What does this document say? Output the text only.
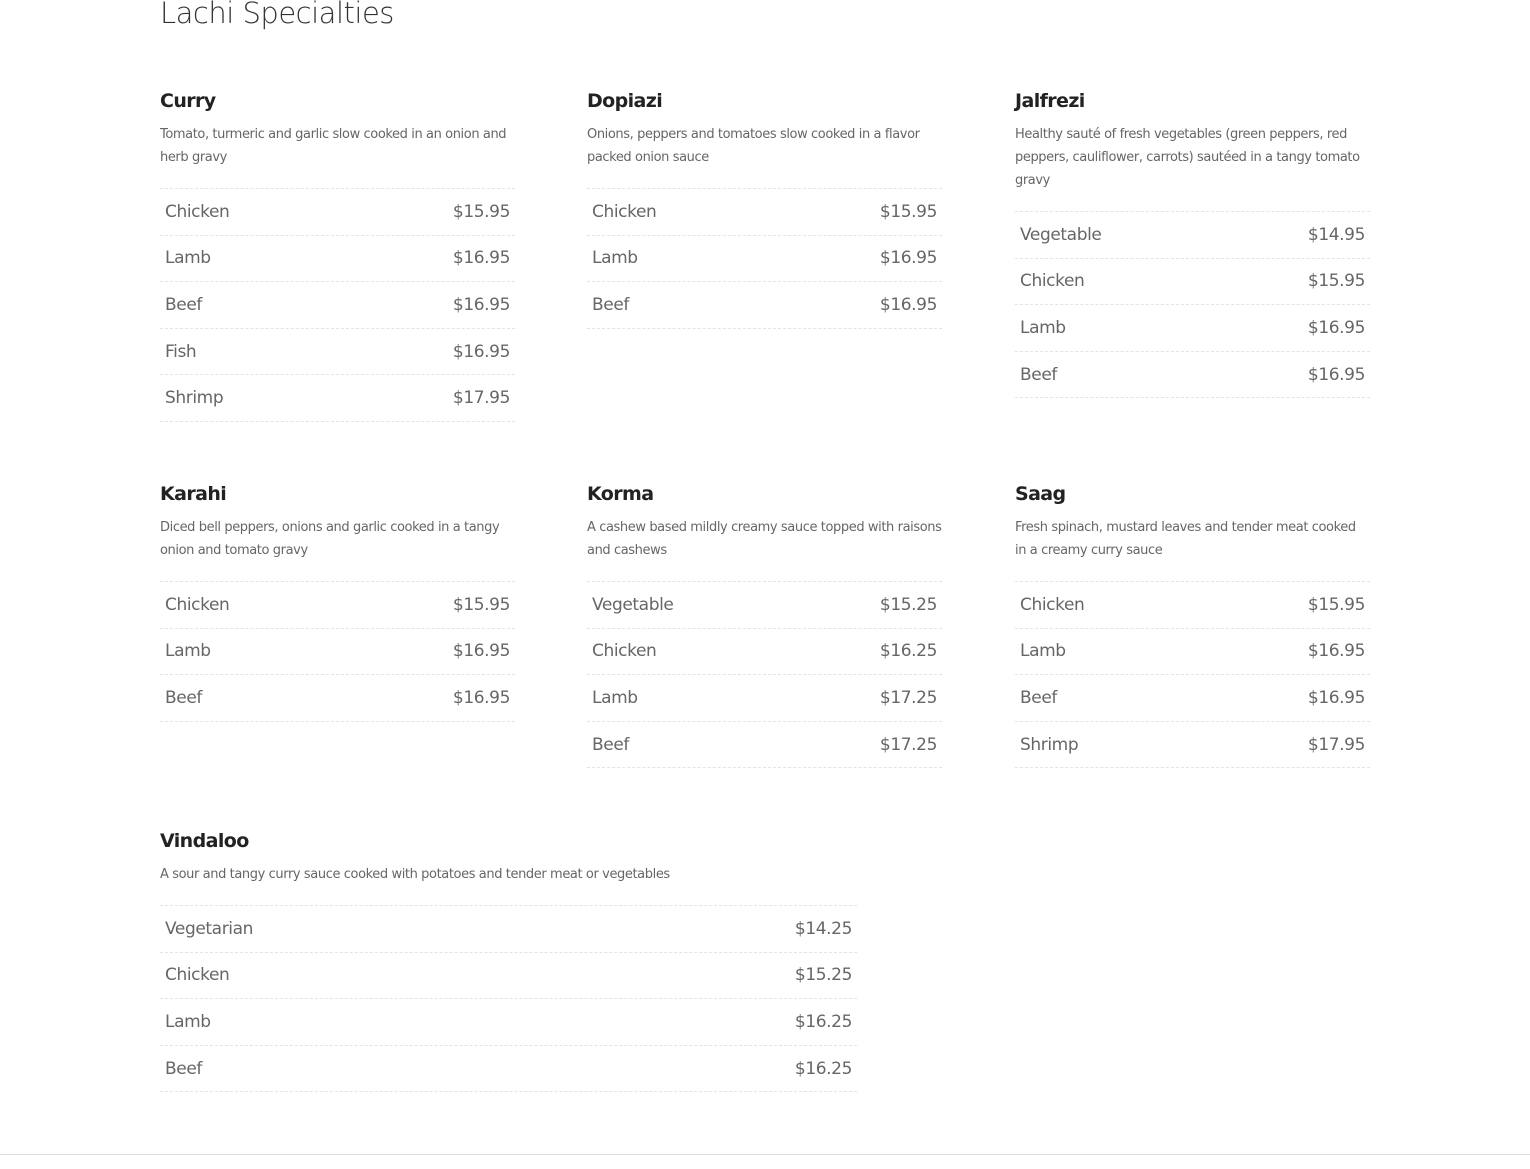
Lachi Specialties
Curry

Tomato, turmeric and garlic slow cooked in an onion and herb gravy

Chicken	$15.95
Lamb	$16.95
Beef	$16.95
Fish	$16.95
Shrimp	$17.95
Dopiazi

Onions, peppers and tomatoes slow cooked in a flavor packed onion sauce

Chicken	$15.95
Lamb	$16.95
Beef	$16.95
Jalfrezi

Healthy sauté of fresh vegetables (green peppers, red peppers, cauliflower, carrots) sautéed in a tangy tomato gravy

Vegetable	$14.95
Chicken	$15.95
Lamb	$16.95
Beef	$16.95
Karahi

Diced bell peppers, onions and garlic cooked in a tangy onion and tomato gravy

Chicken	$15.95
Lamb	$16.95
Beef	$16.95
Korma

A cashew based mildly creamy sauce topped with raisons and cashews

Vegetable	$15.25
Chicken	$16.25
Lamb	$17.25
Beef	$17.25
Saag

Fresh spinach, mustard leaves and tender meat cooked in a creamy curry sauce

Chicken	$15.95
Lamb	$16.95
Beef	$16.95
Shrimp	$17.95
Vindaloo

A sour and tangy curry sauce cooked with potatoes and tender meat or vegetables

Vegetarian	$14.25
Chicken	$15.25
Lamb	$16.25
Beef	$16.25
